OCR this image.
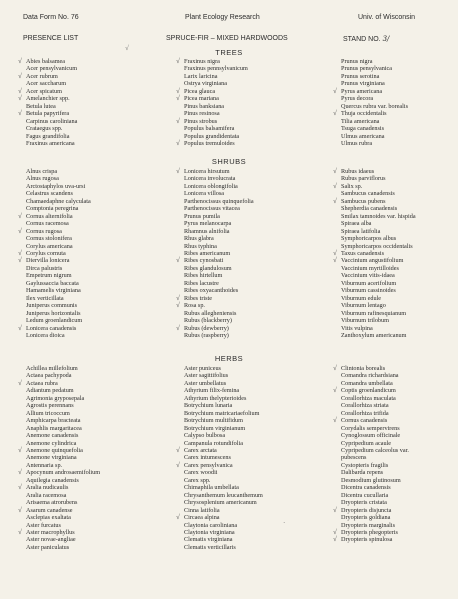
Data Form No. 76	Plant Ecology Research	Univ. of Wisconsin
PRESENCE LIST	SPRUCE-FIR – MIXED HARDWOODS	STAND NO. 3/
√
·
TREES
√ Abies balsamea
Acer pensylvanicum
√ Acer rubrum
Acer saccharum
√ Acer spicatum
√ Amelanchier spp.
Betula lutea
√ Betula papyrifera
Carpinus caroliniana
Crataegus spp.
Fagus grandifolia
Fraxinus americana
√ Fraxinus nigra
Fraxinus pennsylvanicum
Larix laricina
Ostrya virginiana
√ Picea glauca
√ Picea mariana
Pinus banksiana
Pinus resinosa
√ Pinus strobus
Populus balsamifera
Populus grandidentata
√ Populus tremuloides
Prunus nigra
Prunus pensylvanica
Prunus serotina
Prunus virginiana
√ Pyrus americana
Pyrus decora
Quercus rubra var. borealis
√ Thuja occidentalis
Tilia americana
Tsuga canadensis
Ulmus americana
Ulmus rubra
SHRUBS
Alnus crispa
Alnus rugosa
Arctostaphylos uva-ursi
Celastrus scandens
Chamaedaphne calyculata
Comptonia peregrina
√ Cornus alternifolia
Cornus racemosa
√ Cornus rugosa
Cornus stolonifera
Corylus americana
√ Corylus cornuta
√ Diervilla lonicera
Dirca palustris
Empetrum nigrum
Gaylussaccia baccata
Hamamelis virginiana
Ilex verticillata
Juniperus communis
Juniperus horizontalis
Ledum groenlandicum
√ Lonicera canadensis
Lonicera dioica
√ Lonicera hirsutum
Lonicera involucrata
Lonicera oblongifolia
Lonicera villosa
Parthenocissus quinquefolia
Parthenocissus vitacea
Prunus pumila
Pyrus melanocarpa
Rhamnus alnifolia
Rhus glabra
Rhus typhina
Ribes americanum
√ Ribes cynosbati
Ribes glandulosum
Ribes hirtellum
Ribes lacustre
Ribes oxyacanthoides
√ Ribes triste
√ Rosa sp.
Rubus allegheniensis
Rubus (blackberry)
√ Rubus (dewberry)
Rubus (raspberry)
√ Rubus idaeus
Rubus parviflorus
√ Salix sp.
Sambucus canadensis
√ Sambucus pubens
Shepherdia canadensis
Smilax tamnoides var. hispida
Spiraea alba
Spiraea latifolia
Symphoricarpos albus
Symphoricarpos occidentalis
√ Taxus canadensis
√ Vaccinium angustifolium
Vaccinium myrtilloides
Vaccinium vitis-idaea
Viburnum acerifolium
Viburnum cassinoides
Viburnum edule
Viburnum lentago
Viburnum rafinesquianum
Viburnum trilobum
Vitis vulpina
Zanthoxylum americanum
HERBS
Achillea millefolium
Actaea pachypoda
√ Actaea rubra
Adiantum pedatum
Agrimonia gryposepala
Agrostis perennans
Allium tricoccum
Amphicarpa bracteata
Anaphlis margaritacea
Anemone canadensis
Anemone cylindrica
√ Anemone quinquefolia
Anemone virginiana
Antennaria sp.
√ Apocynum androsaemifolium
Aquilegia canadensis
√ Aralia nudicaulis
Aralia racemosa
Arisaema atrorubens
√ Asarum canadense
Asclepias exaltata
Aster furcatus
√ Aster macrophyllus
Aster novae-angliae
Aster paniculatus
Aster puniceus
Aster sagittifolius
Aster umbellatus
Athyrium filix-femina
Athyrium thelypterioides
Botrychium lunaria
Botrychium matricariaefolium
Botrychium multifidum
Botrychium virginianum
Calypso bulbosa
Campanula rotundifolia
√ Carex arctata
Carex intumescens
√ Carex pensylvanica
Carex woodii
Carex spp.
Chimaphila umbellata
Chrysanthemum leucanthemum
Chrysosplenium americanum
Cinna latifolia
√ Circaea alpina
Claytonia caroliniana
Claytonia virginiana
Clematis virginiana
Clematis verticillaris
√ Clintonia borealis
Comandra richardsiana
Comandra umbellata
√ Coptis groenlandicum
Corallorhiza maculata
Corallorhiza striata
Corallorhiza trifida
√ Cornus canadensis
Corydalis sempervirens
Cynoglossum officinale
Cypripedium acaule
Cypripedium calceolus var.
pubescens
Cystopteris fragilis
Dalibarda repens
Desmodium glutinosum
Dicentra canadensis
Dicentra cucullaria
Dryopteris cristata
√ Dryopteris disjuncta
Dryopteris goldiana
Dryopteris marginalis
√ Dryopteris phegopteris
√ Dryopteris spinulosa
